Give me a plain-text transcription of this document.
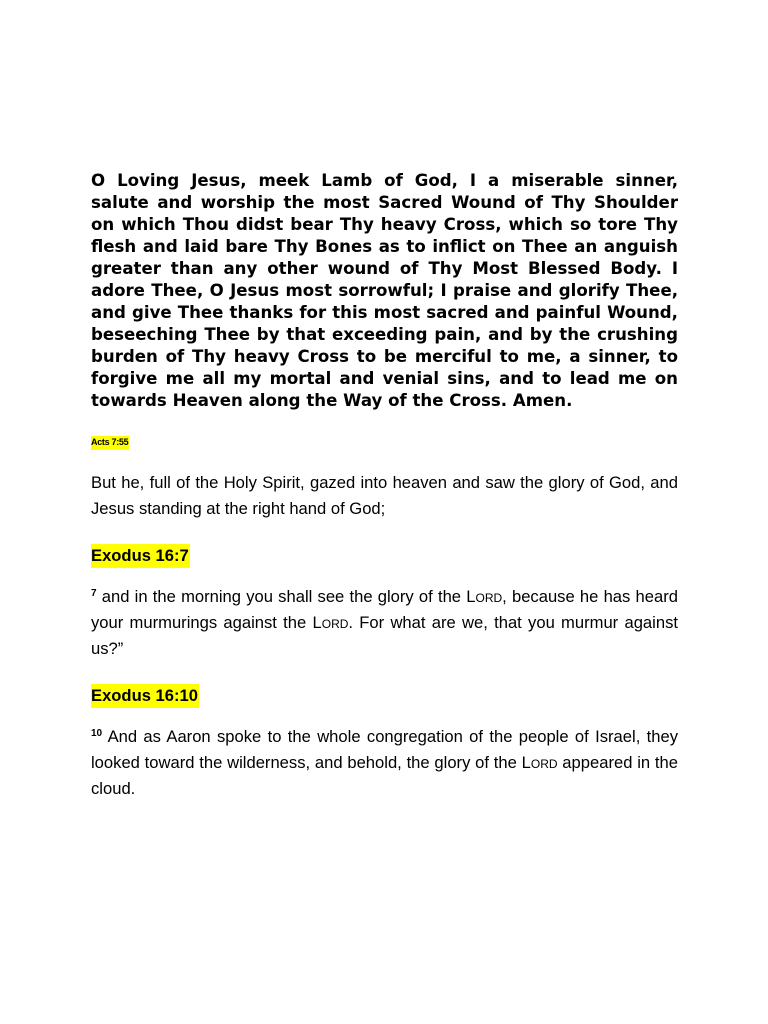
O Loving Jesus, meek Lamb of God, I a miserable sinner, salute and worship the most Sacred Wound of Thy Shoulder on which Thou didst bear Thy heavy Cross, which so tore Thy flesh and laid bare Thy Bones as to inflict on Thee an anguish greater than any other wound of Thy Most Blessed Body. I adore Thee, O Jesus most sorrowful; I praise and glorify Thee, and give Thee thanks for this most sacred and painful Wound, beseeching Thee by that exceeding pain, and by the crushing burden of Thy heavy Cross to be merciful to me, a sinner, to forgive me all my mortal and venial sins, and to lead me on towards Heaven along the Way of the Cross. Amen.

Acts 7:55

But he, full of the Holy Spirit, gazed into heaven and saw the glory of God, and Jesus standing at the right hand of God;

Exodus 16:7

$^7$ and in the morning you shall see the glory of the Lord, because he has heard your murmurings against the Lord. For what are we, that you murmur against us?”

Exodus 16:10

$^{10}$ And as Aaron spoke to the whole congregation of the people of Israel, they looked toward the wilderness, and behold, the glory of the Lord appeared in the cloud.
